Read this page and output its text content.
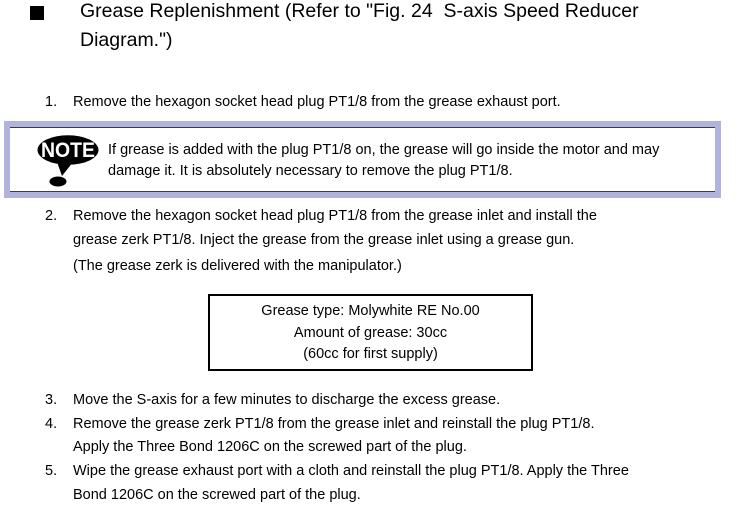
Grease Replenishment (Refer to "Fig. 24  S-axis Speed Reducer
Diagram.")
1.	Remove the hexagon socket head plug PT1/8 from the grease exhaust port.
NOTE If grease is added with the plug PT1/8 on, the grease will go inside the motor and may
damage it. It is absolutely necessary to remove the plug PT1/8.
2.	Remove the hexagon socket head plug PT1/8 from the grease inlet and install the
grease zerk PT1/8. Inject the grease from the grease inlet using a grease gun.
(The grease zerk is delivered with the manipulator.)
Grease type: Molywhite RE No.00
Amount of grease: 30cc
(60cc for first supply)
3.	Move the S-axis for a few minutes to discharge the excess grease.
4.	Remove the grease zerk PT1/8 from the grease inlet and reinstall the plug PT1/8.
Apply the Three Bond 1206C on the screwed part of the plug.
5.	Wipe the grease exhaust port with a cloth and reinstall the plug PT1/8. Apply the Three
Bond 1206C on the screwed part of the plug.
